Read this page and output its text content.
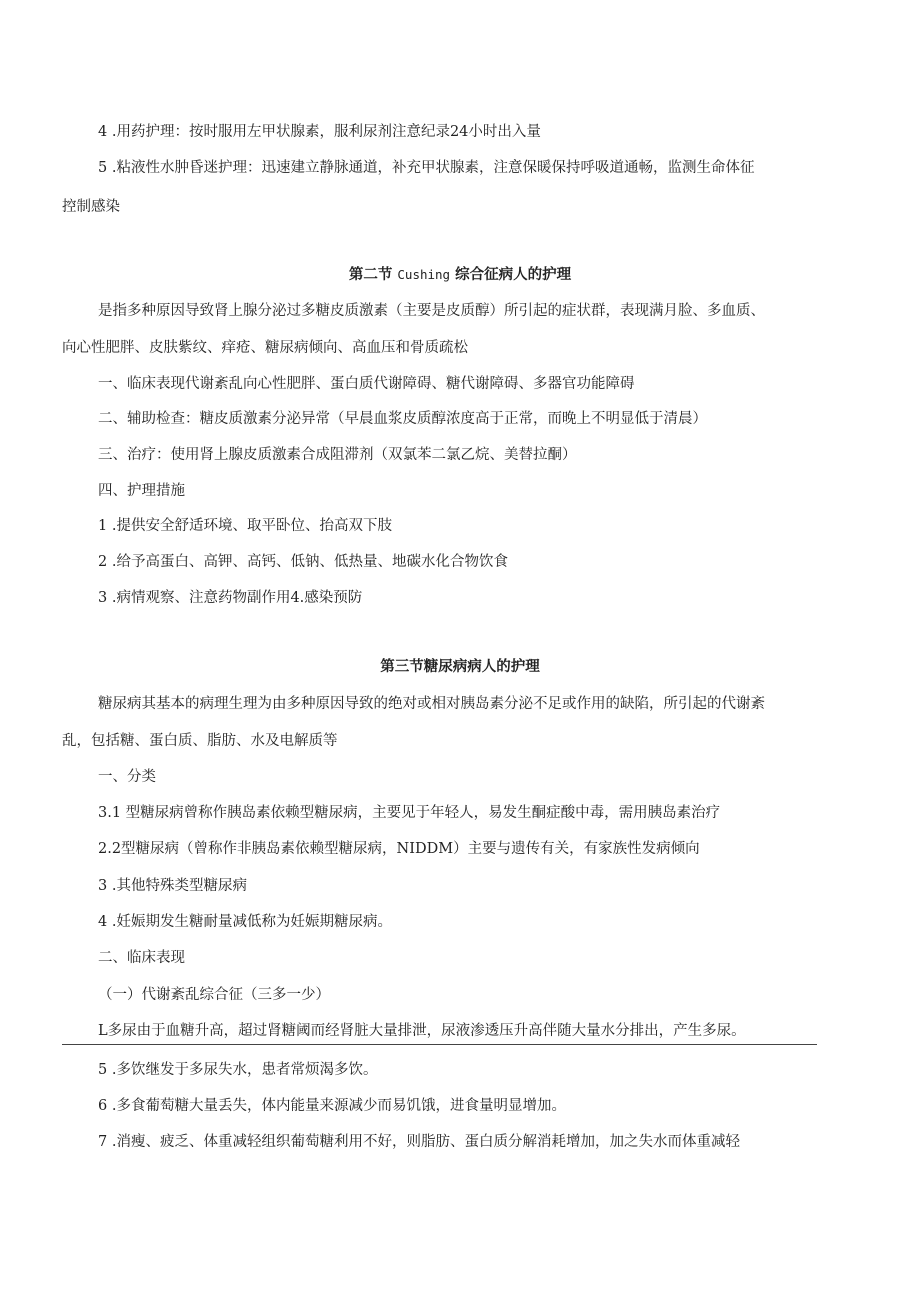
4 .用药护理：按时服用左甲状腺素，服利尿剂注意纪录24小时出入量

5 .粘液性水肿昏迷护理：迅速建立静脉通道，补充甲状腺素，注意保暖保持呼吸道通畅，监测生命体征

控制感染

第二节 Cushing 综合征病人的护理

是指多种原因导致肾上腺分泌过多糖皮质激素（主要是皮质醇）所引起的症状群，表现满月脸、多血质、

向心性肥胖、皮肤紫纹、痒疮、糖尿病倾向、高血压和骨质疏松

一、临床表现代谢紊乱向心性肥胖、蛋白质代谢障碍、糖代谢障碍、多器官功能障碍

二、辅助检查：糖皮质激素分泌异常（早晨血浆皮质醇浓度高于正常，而晚上不明显低于清晨）

三、治疗：使用肾上腺皮质激素合成阻滞剂（双氯苯二氯乙烷、美替拉酮）

四、护理措施

1 .提供安全舒适环境、取平卧位、抬高双下肢

2 .给予高蛋白、高钾、高钙、低钠、低热量、地碳水化合物饮食

3 .病情观察、注意药物副作用4.感染预防

第三节糖尿病病人的护理

糖尿病其基本的病理生理为由多种原因导致的绝对或相对胰岛素分泌不足或作用的缺陷，所引起的代谢紊

乱，包括糖、蛋白质、脂肪、水及电解质等

一、分类

3.1 型糖尿病曾称作胰岛素依赖型糖尿病，主要见于年轻人，易发生酮症酸中毒，需用胰岛素治疗

2.2型糖尿病（曾称作非胰岛素依赖型糖尿病，NIDDM）主要与遗传有关，有家族性发病倾向

3 .其他特殊类型糖尿病

4 .妊娠期发生糖耐量减低称为妊娠期糖尿病。

二、临床表现

（一）代谢紊乱综合征（三多一少）

L多尿由于血糖升高，超过肾糖阈而经肾脏大量排泄，尿液渗透压升高伴随大量水分排出，产生多尿。

5 .多饮继发于多尿失水，患者常烦渴多饮。

6 .多食葡萄糖大量丢失，体内能量来源减少而易饥饿，进食量明显增加。

7 .消瘦、疲乏、体重减轻组织葡萄糖利用不好，则脂肪、蛋白质分解消耗增加，加之失水而体重减轻
